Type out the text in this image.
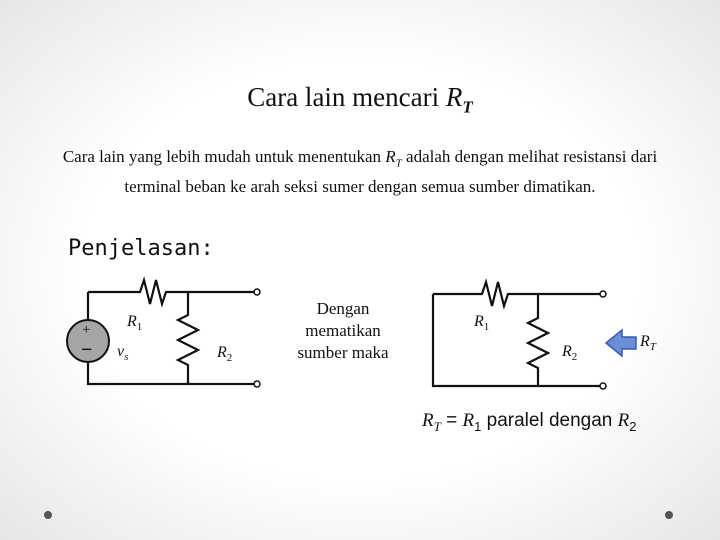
Cara lain mencari $R_T$
Cara lain yang lebih mudah untuk menentukan $R_T$ adalah dengan melihat resistansi dari terminal beban ke arah seksi sumer dengan semua sumber dimatikan.
Penjelasan:
+
−
$R_1$
$v_s$	$R_2$
Dengan mematikan sumber maka
$R_1$
$R_2$
$R_T$
$R_T = R_1$ paralel dengan $R_2$
